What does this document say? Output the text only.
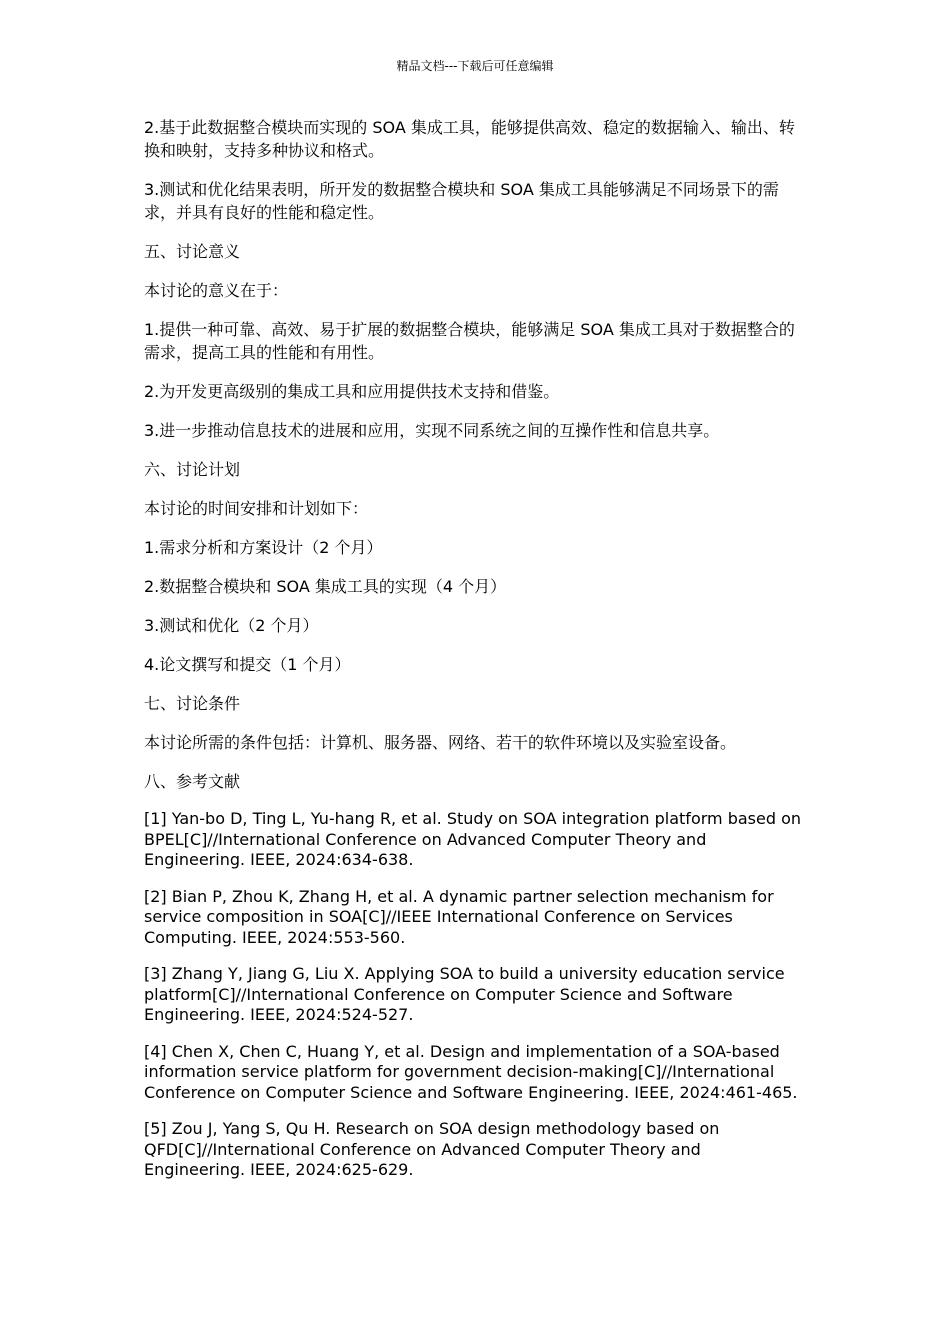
精品文档---下载后可任意编辑

2.基于此数据整合模块而实现的 SOA 集成工具，能够提供高效、稳定的数据输入、输出、转换和映射，支持多种协议和格式。

3.测试和优化结果表明，所开发的数据整合模块和 SOA 集成工具能够满足不同场景下的需求，并具有良好的性能和稳定性。

五、讨论意义

本讨论的意义在于：

1.提供一种可靠、高效、易于扩展的数据整合模块，能够满足 SOA 集成工具对于数据整合的需求，提高工具的性能和有用性。

2.为开发更高级别的集成工具和应用提供技术支持和借鉴。

3.进一步推动信息技术的进展和应用，实现不同系统之间的互操作性和信息共享。

六、讨论计划

本讨论的时间安排和计划如下：

1.需求分析和方案设计（2 个月）

2.数据整合模块和 SOA 集成工具的实现（4 个月）

3.测试和优化（2 个月）

4.论文撰写和提交（1 个月）

七、讨论条件

本讨论所需的条件包括：计算机、服务器、网络、若干的软件环境以及实验室设备。

八、参考文献

[1] Yan-bo D, Ting L, Yu-hang R, et al. Study on SOA integration platform based on BPEL[C]//International Conference on Advanced Computer Theory and Engineering. IEEE, 2024:634-638.

[2] Bian P, Zhou K, Zhang H, et al. A dynamic partner selection mechanism for service composition in SOA[C]//IEEE International Conference on Services Computing. IEEE, 2024:553-560.

[3] Zhang Y, Jiang G, Liu X. Applying SOA to build a university education service platform[C]//International Conference on Computer Science and Software Engineering. IEEE, 2024:524-527.

[4] Chen X, Chen C, Huang Y, et al. Design and implementation of a SOA-based information service platform for government decision-making[C]//International Conference on Computer Science and Software Engineering. IEEE, 2024:461-465.

[5] Zou J, Yang S, Qu H. Research on SOA design methodology based on QFD[C]//International Conference on Advanced Computer Theory and Engineering. IEEE, 2024:625-629.
